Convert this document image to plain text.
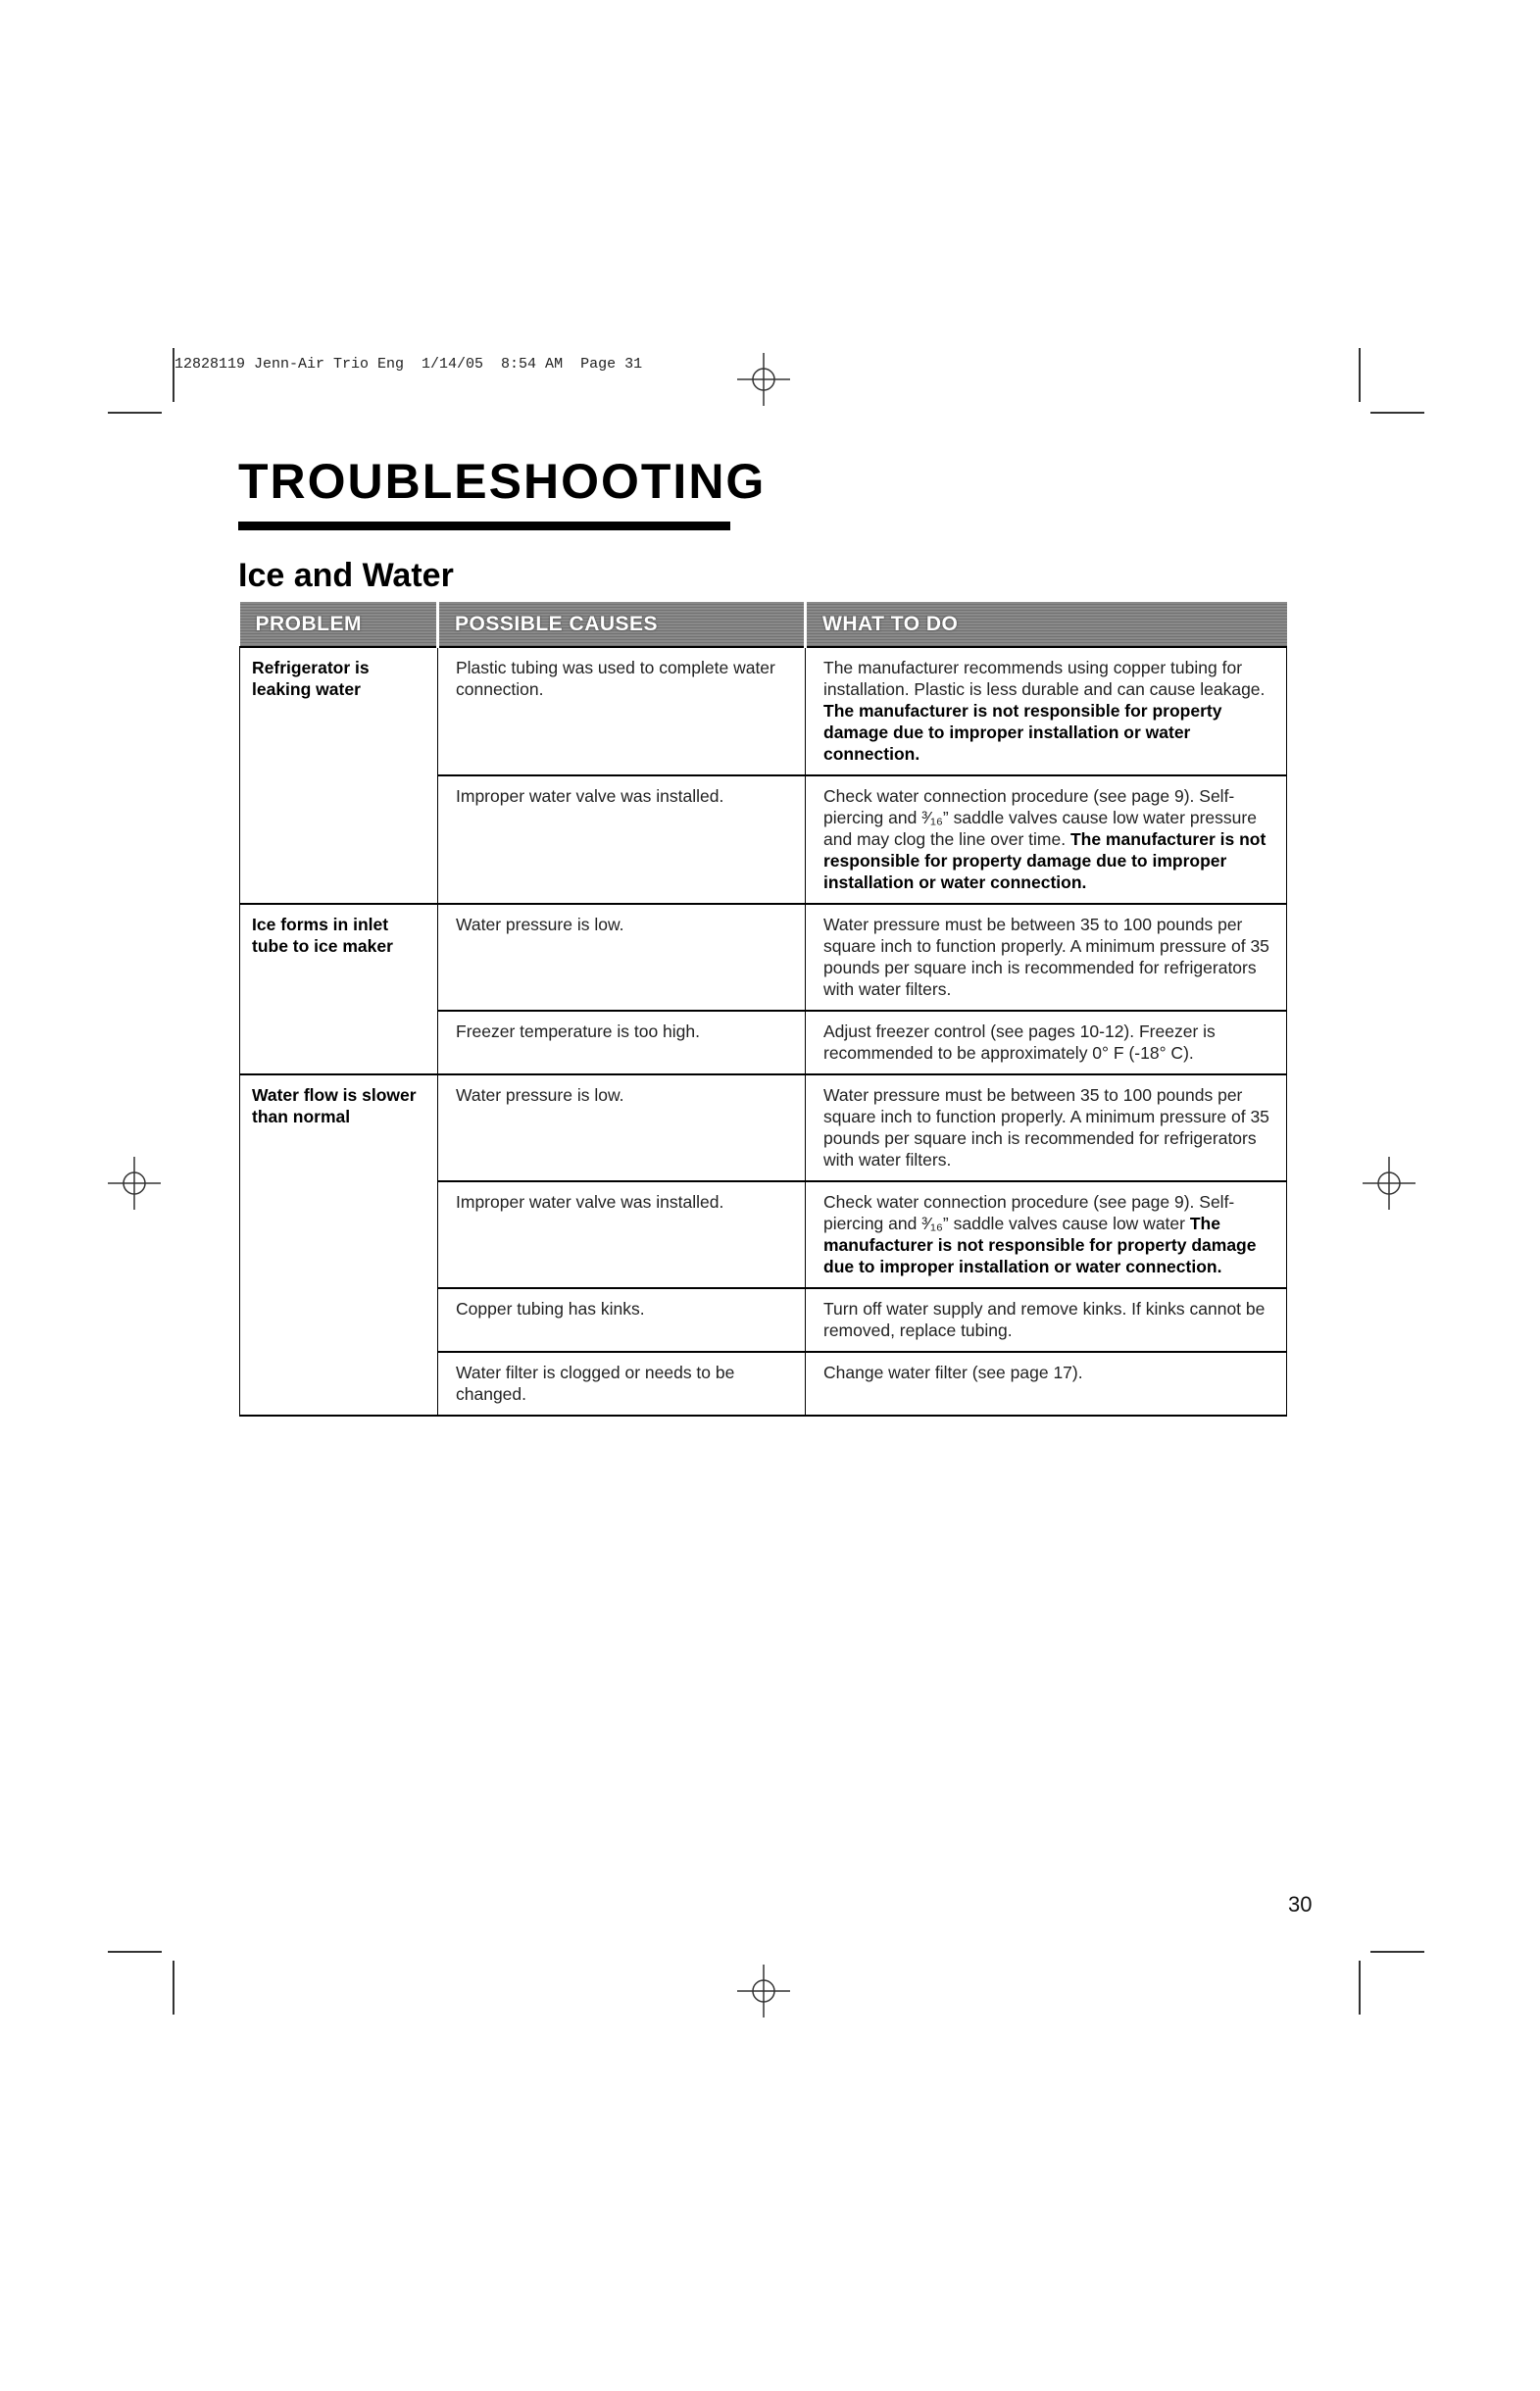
12828119 Jenn-Air Trio Eng  1/14/05  8:54 AM  Page 31
TROUBLESHOOTING
Ice and Water
PROBLEM	POSSIBLE CAUSES	WHAT TO DO
Refrigerator is leaking water	Plastic tubing was used to complete water connection.	The manufacturer recommends using copper tubing for installation. Plastic is less durable and can cause leakage. The manufacturer is not responsible for property damage due to improper installation or water connection.
	Improper water valve was installed.	Check water connection procedure (see page 9). Self-piercing and ³⁄₁₆” saddle valves cause low water pressure and may clog the line over time. The manufacturer is not responsible for property damage due to improper installation or water connection.
Ice forms in inlet tube to ice maker	Water pressure is low.	Water pressure must be between 35 to 100 pounds per square inch to function properly. A minimum pressure of 35 pounds per square inch is recommended for refrigerators with water filters.
	Freezer temperature is too high.	Adjust freezer control (see pages 10-12). Freezer is recommended to be approximately 0° F (-18° C).
Water flow is slower than normal	Water pressure is low.	Water pressure must be between 35 to 100 pounds per square inch to function properly. A minimum pressure of 35 pounds per square inch is recommended for refrigerators with water filters.
	Improper water valve was installed.	Check water connection procedure (see page 9). Self-piercing and ³⁄₁₆” saddle valves cause low water The manufacturer is not responsible for property damage due to improper installation or water connection.
	Copper tubing has kinks.	Turn off water supply and remove kinks. If kinks cannot be removed, replace tubing.
	Water filter is clogged or needs to be changed.	Change water filter (see page 17).
30
